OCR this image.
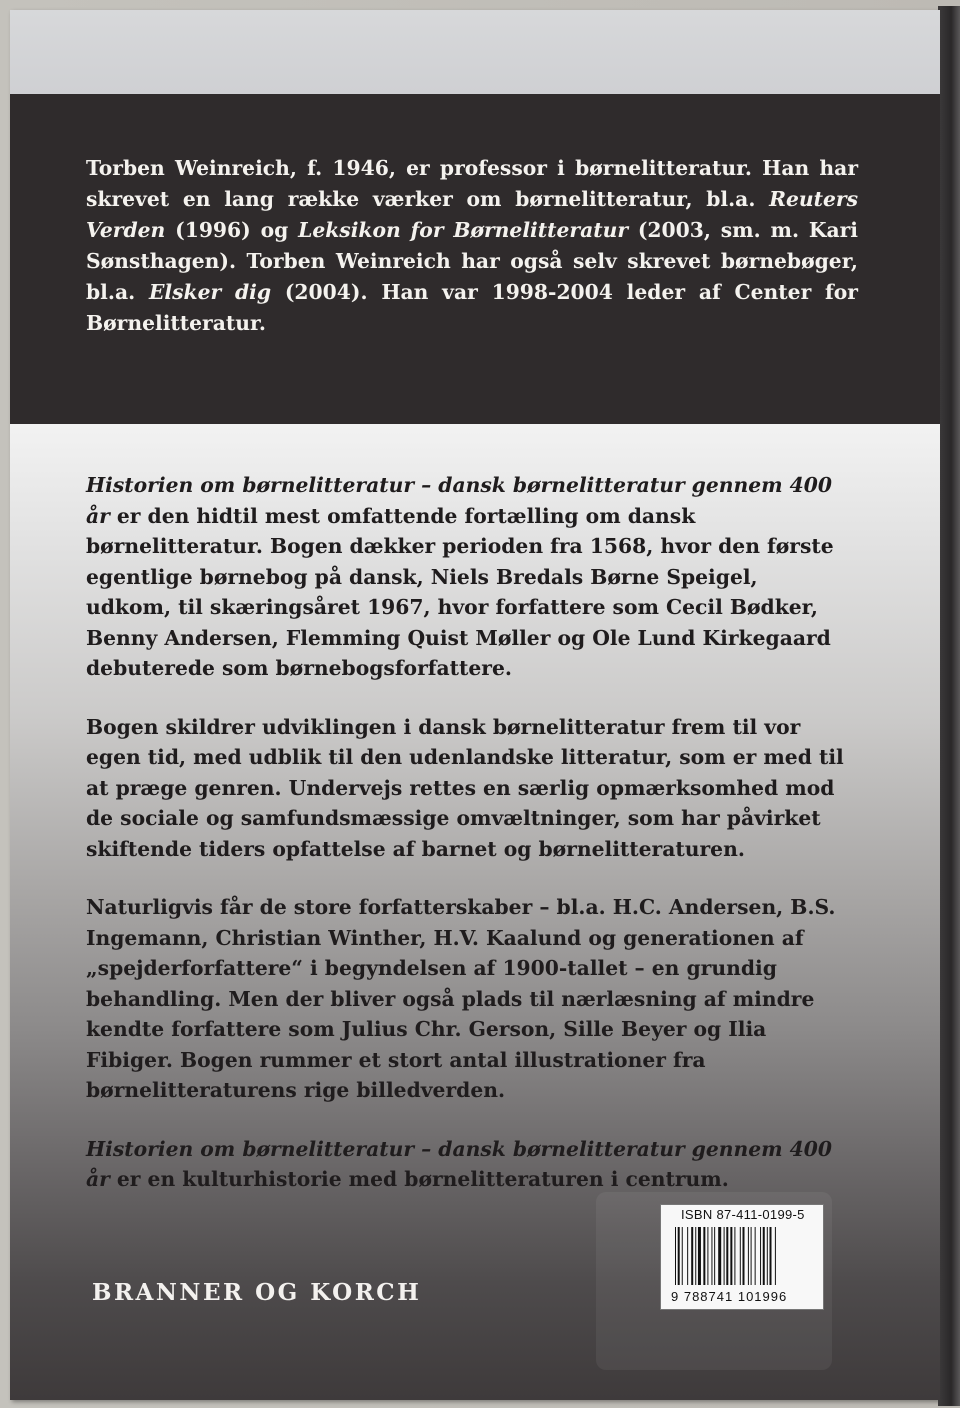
Torben Weinreich, f. 1946, er professor i børnelitteratur. Han har skrevet en lang række værker om børnelitteratur, bl.a. Reuters Verden (1996) og Leksikon for Børnelitteratur (2003, sm. m. Kari Sønsthagen). Torben Weinreich har også selv skrevet børnebøger, bl.a. Elsker dig (2004). Han var 1998-2004 leder af Center for Børnelitteratur.

Historien om børnelitteratur – dansk børnelitteratur gennem 400 år er den hidtil mest omfattende fortælling om dansk børnelitteratur. Bogen dækker perioden fra 1568, hvor den første egentlige børnebog på dansk, Niels Bredals Børne Speigel, udkom, til skæringsåret 1967, hvor forfattere som Cecil Bødker, Benny Andersen, Flemming Quist Møller og Ole Lund Kirkegaard debuterede som børnebogsforfattere.

Bogen skildrer udviklingen i dansk børnelitteratur frem til vor egen tid, med udblik til den udenlandske litteratur, som er med til at præge genren. Undervejs rettes en særlig opmærksomhed mod de sociale og samfundsmæssige omvæltninger, som har påvirket skiftende tiders opfattelse af barnet og børnelitteraturen.

Naturligvis får de store forfatterskaber – bl.a. H.C. Andersen, B.S. Ingemann, Christian Winther, H.V. Kaalund og generationen af „spejderforfattere“ i begyndelsen af 1900-tallet – en grundig behandling. Men der bliver også plads til nærlæsning af mindre kendte forfattere som Julius Chr. Gerson, Sille Beyer og Ilia Fibiger. Bogen rummer et stort antal illustrationer fra børnelitteraturens rige billedverden.

Historien om børnelitteratur – dansk børnelitteratur gennem 400 år er en kulturhistorie med børnelitteraturen i centrum.

BRANNER OG KORCH
ISBN 87-411-0199-5
9 788741 101996
